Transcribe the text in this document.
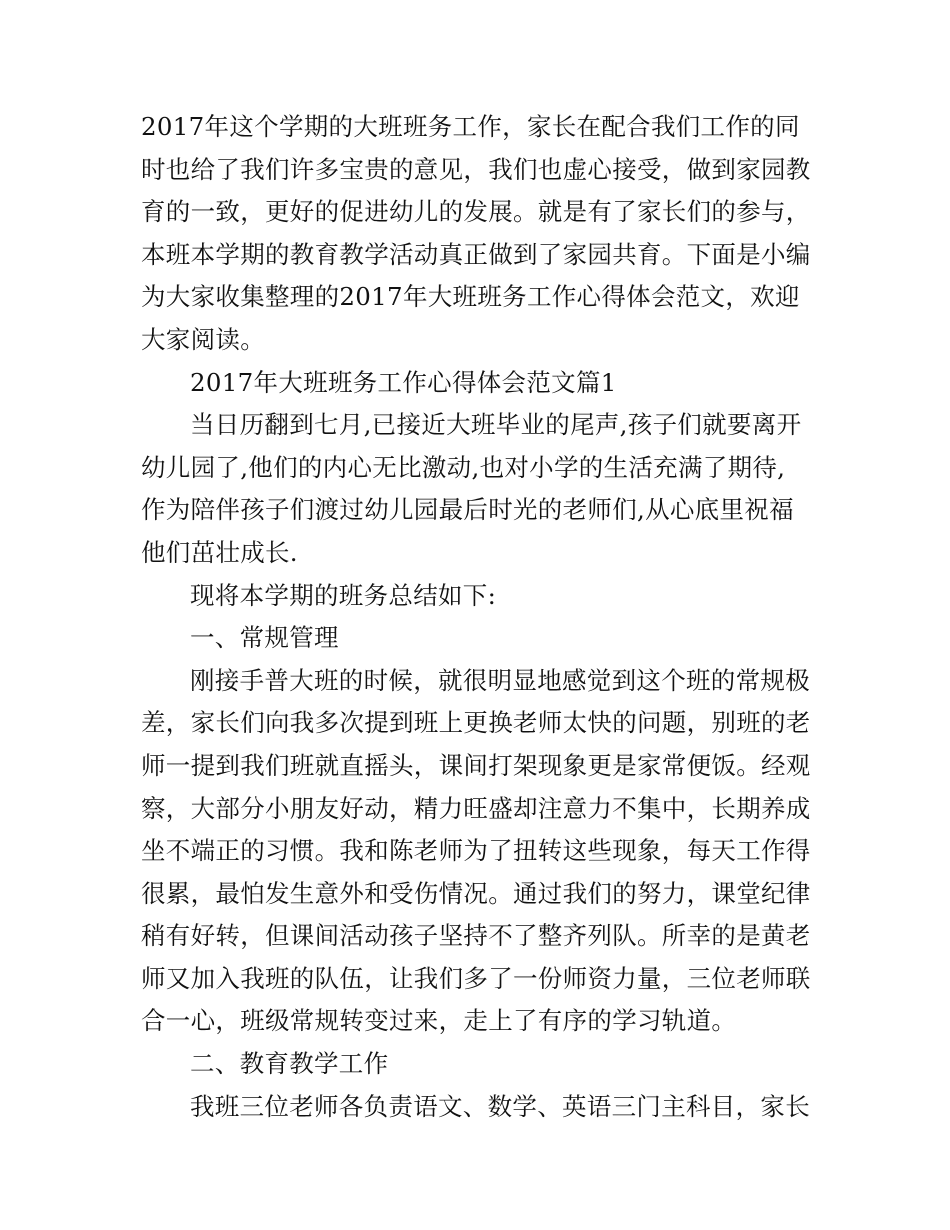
2017年这个学期的大班班务工作，家长在配合我们工作的同
时也给了我们许多宝贵的意见，我们也虚心接受，做到家园教
育的一致，更好的促进幼儿的发展。就是有了家长们的参与，
本班本学期的教育教学活动真正做到了家园共育。下面是小编
为大家收集整理的2017年大班班务工作心得体会范文，欢迎
大家阅读。
2017年大班班务工作心得体会范文篇1
当日历翻到七月,已接近大班毕业的尾声,孩子们就要离开
幼儿园了,他们的内心无比激动,也对小学的生活充满了期待,
作为陪伴孩子们渡过幼儿园最后时光的老师们,从心底里祝福
他们茁壮成长.
现将本学期的班务总结如下:
一、常规管理
刚接手普大班的时候，就很明显地感觉到这个班的常规极
差，家长们向我多次提到班上更换老师太快的问题，别班的老
师一提到我们班就直摇头，课间打架现象更是家常便饭。经观
察，大部分小朋友好动，精力旺盛却注意力不集中，长期养成
坐不端正的习惯。我和陈老师为了扭转这些现象，每天工作得
很累，最怕发生意外和受伤情况。通过我们的努力，课堂纪律
稍有好转，但课间活动孩子坚持不了整齐列队。所幸的是黄老
师又加入我班的队伍，让我们多了一份师资力量，三位老师联
合一心，班级常规转变过来，走上了有序的学习轨道。
二、教育教学工作
我班三位老师各负责语文、数学、英语三门主科目，家长
